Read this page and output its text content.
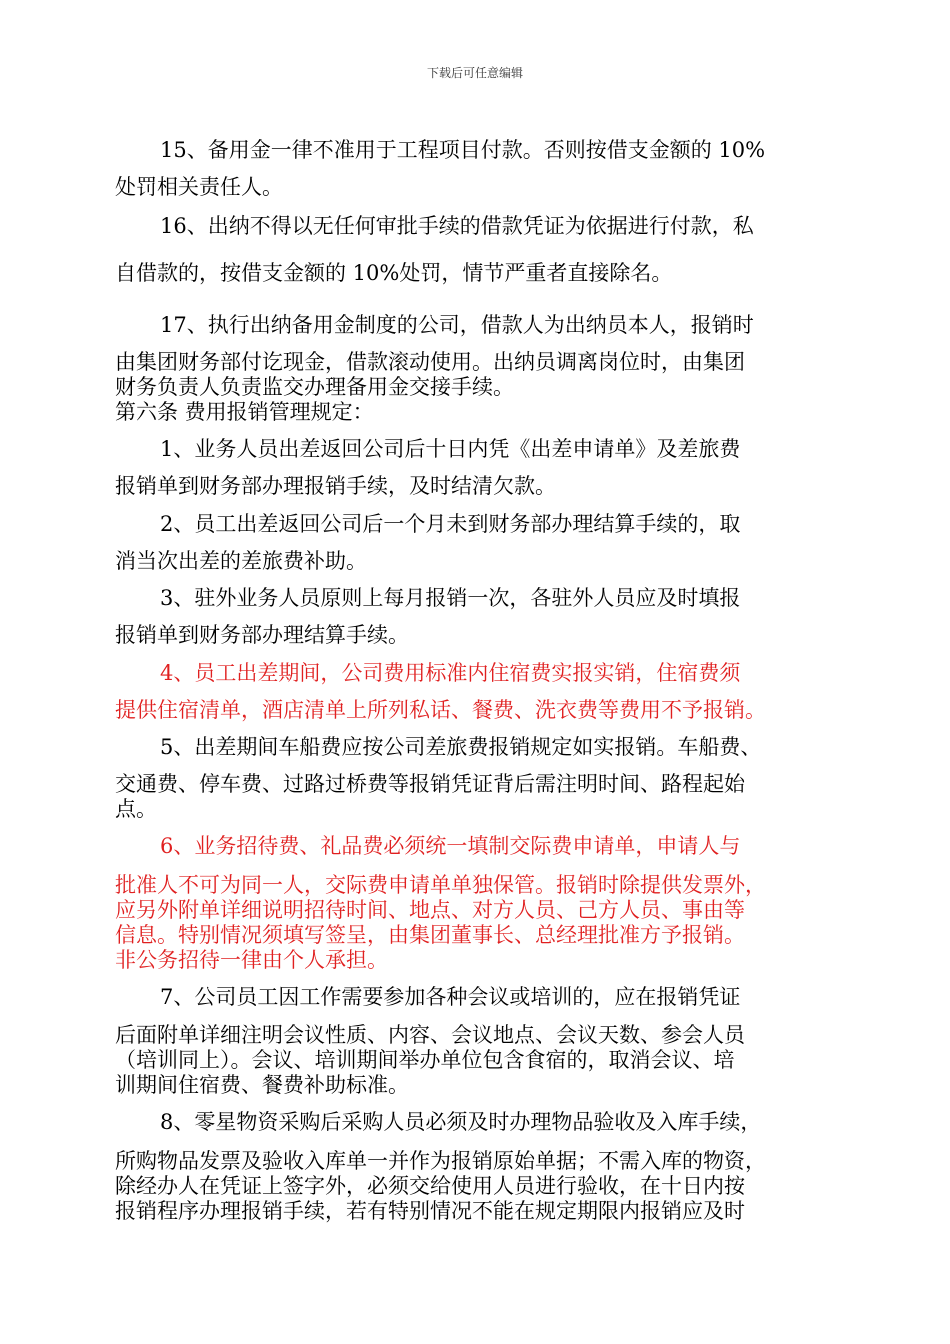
下载后可任意编辑
15、备用金一律不准用于工程项目付款。否则按借支金额的 10%
处罚相关责任人。
16、出纳不得以无任何审批手续的借款凭证为依据进行付款，私
自借款的，按借支金额的 10%处罚，情节严重者直接除名。
17、执行出纳备用金制度的公司，借款人为出纳员本人，报销时
由集团财务部付讫现金，借款滚动使用。出纳员调离岗位时，由集团
财务负责人负责监交办理备用金交接手续。
第六条 费用报销管理规定：
1、业务人员出差返回公司后十日内凭《出差申请单》及差旅费
报销单到财务部办理报销手续，及时结清欠款。
2、员工出差返回公司后一个月未到财务部办理结算手续的，取
消当次出差的差旅费补助。
3、驻外业务人员原则上每月报销一次，各驻外人员应及时填报
报销单到财务部办理结算手续。
4、员工出差期间，公司费用标准内住宿费实报实销，住宿费须
提供住宿清单，酒店清单上所列私话、餐费、洗衣费等费用不予报销。
5、出差期间车船费应按公司差旅费报销规定如实报销。车船费、
交通费、停车费、过路过桥费等报销凭证背后需注明时间、路程起始
点。
6、业务招待费、礼品费必须统一填制交际费申请单，申请人与
批准人不可为同一人，交际费申请单单独保管。报销时除提供发票外，
应另外附单详细说明招待时间、地点、对方人员、己方人员、事由等
信息。特别情况须填写签呈，由集团董事长、总经理批准方予报销。
非公务招待一律由个人承担。
7、公司员工因工作需要参加各种会议或培训的，应在报销凭证
后面附单详细注明会议性质、内容、会议地点、会议天数、参会人员
（培训同上）。会议、培训期间举办单位包含食宿的，取消会议、培
训期间住宿费、餐费补助标准。
8、零星物资采购后采购人员必须及时办理物品验收及入库手续，
所购物品发票及验收入库单一并作为报销原始单据；不需入库的物资，
除经办人在凭证上签字外，必须交给使用人员进行验收，在十日内按
报销程序办理报销手续，若有特别情况不能在规定期限内报销应及时
